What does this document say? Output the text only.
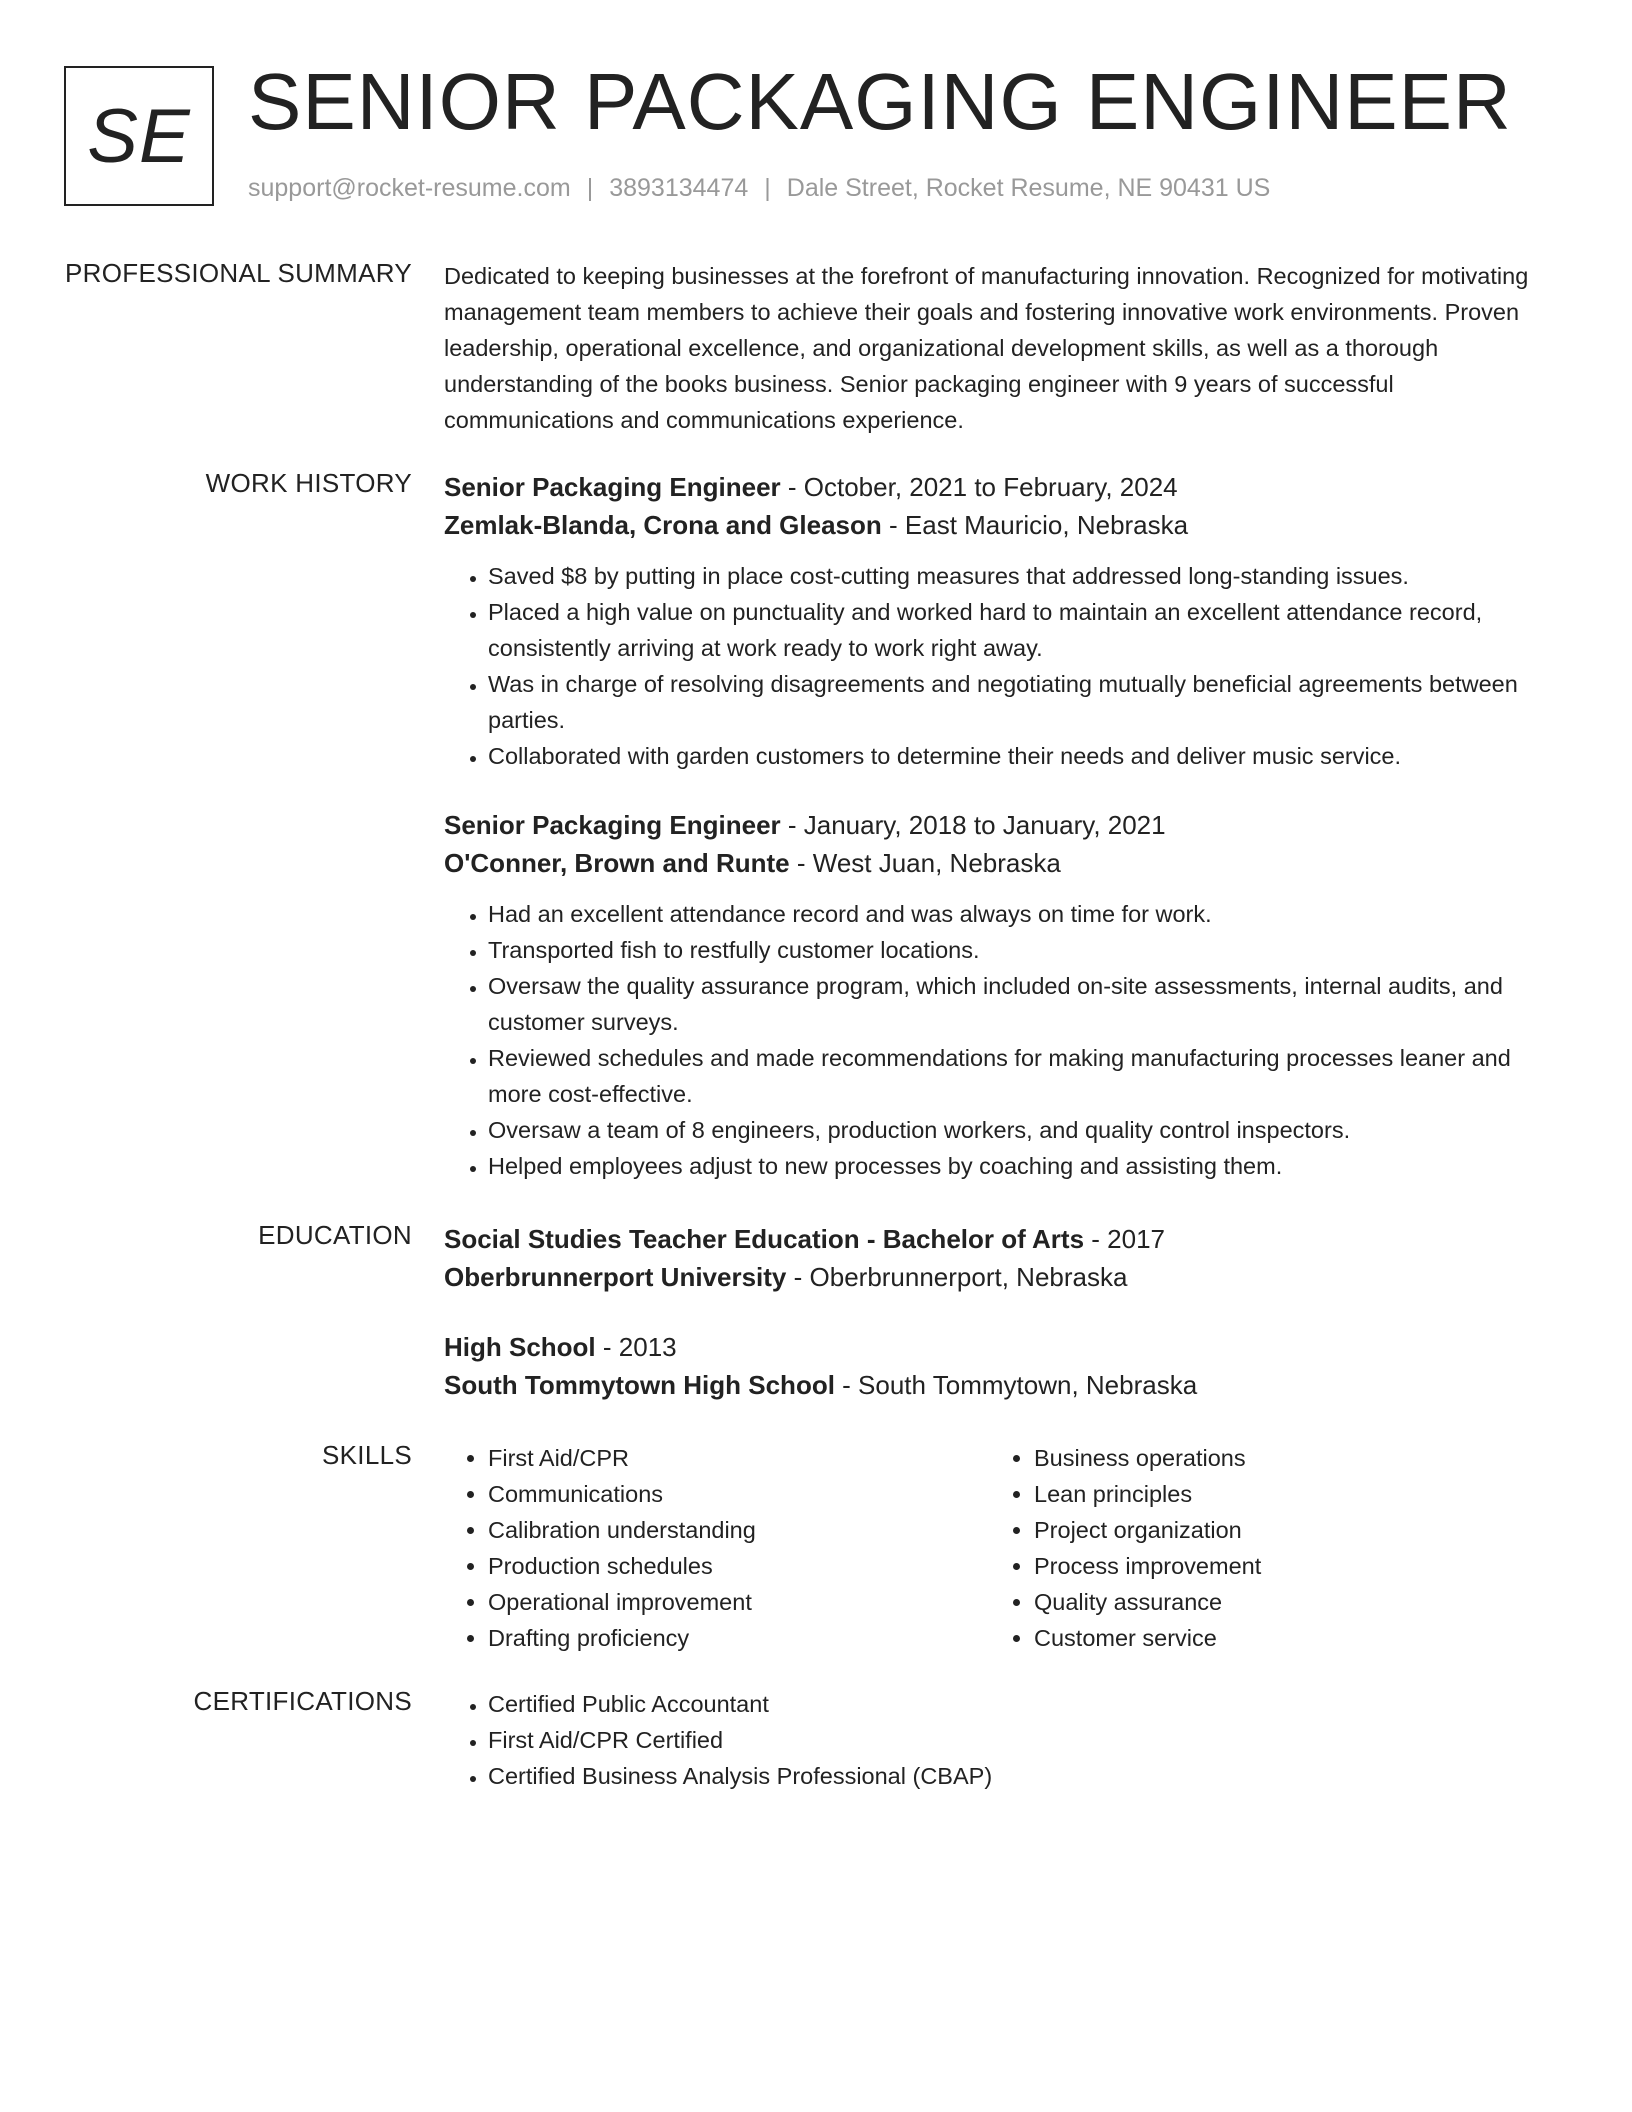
SE SENIOR PACKAGING ENGINEER
support@rocket-resume.com | 3893134474 | Dale Street, Rocket Resume, NE 90431 US
PROFESSIONAL SUMMARY Dedicated to keeping businesses at the forefront of manufacturing innovation. Recognized for motivating management team members to achieve their goals and fostering innovative work environments. Proven leadership, operational excellence, and organizational development skills, as well as a thorough understanding of the books business. Senior packaging engineer with 9 years of successful communications and communications experience.

WORK HISTORY Senior Packaging Engineer - October, 2021 to February, 2024
Zemlak-Blanda, Crona and Gleason - East Mauricio, Nebraska
• Saved $8 by putting in place cost-cutting measures that addressed long-standing issues.
• Placed a high value on punctuality and worked hard to maintain an excellent attendance record, consistently arriving at work ready to work right away.
• Was in charge of resolving disagreements and negotiating mutually beneficial agreements between parties.
• Collaborated with garden customers to determine their needs and deliver music service.
Senior Packaging Engineer - January, 2018 to January, 2021
O'Conner, Brown and Runte - West Juan, Nebraska
• Had an excellent attendance record and was always on time for work.
• Transported fish to restfully customer locations.
• Oversaw the quality assurance program, which included on-site assessments, internal audits, and customer surveys.
• Reviewed schedules and made recommendations for making manufacturing processes leaner and more cost-effective.
• Oversaw a team of 8 engineers, production workers, and quality control inspectors.
• Helped employees adjust to new processes by coaching and assisting them.
EDUCATION Social Studies Teacher Education - Bachelor of Arts - 2017
Oberbrunnerport University - Oberbrunnerport, Nebraska
High School - 2013
South Tommytown High School - South Tommytown, Nebraska
SKILLS	• First Aid/CPR
• Communications
• Calibration understanding
• Production schedules
• Operational improvement
• Drafting proficiency
• Business operations
• Lean principles
• Project organization
• Process improvement
• Quality assurance
• Customer service
CERTIFICATIONS	• Certified Public Accountant
• First Aid/CPR Certified
• Certified Business Analysis Professional (CBAP)
